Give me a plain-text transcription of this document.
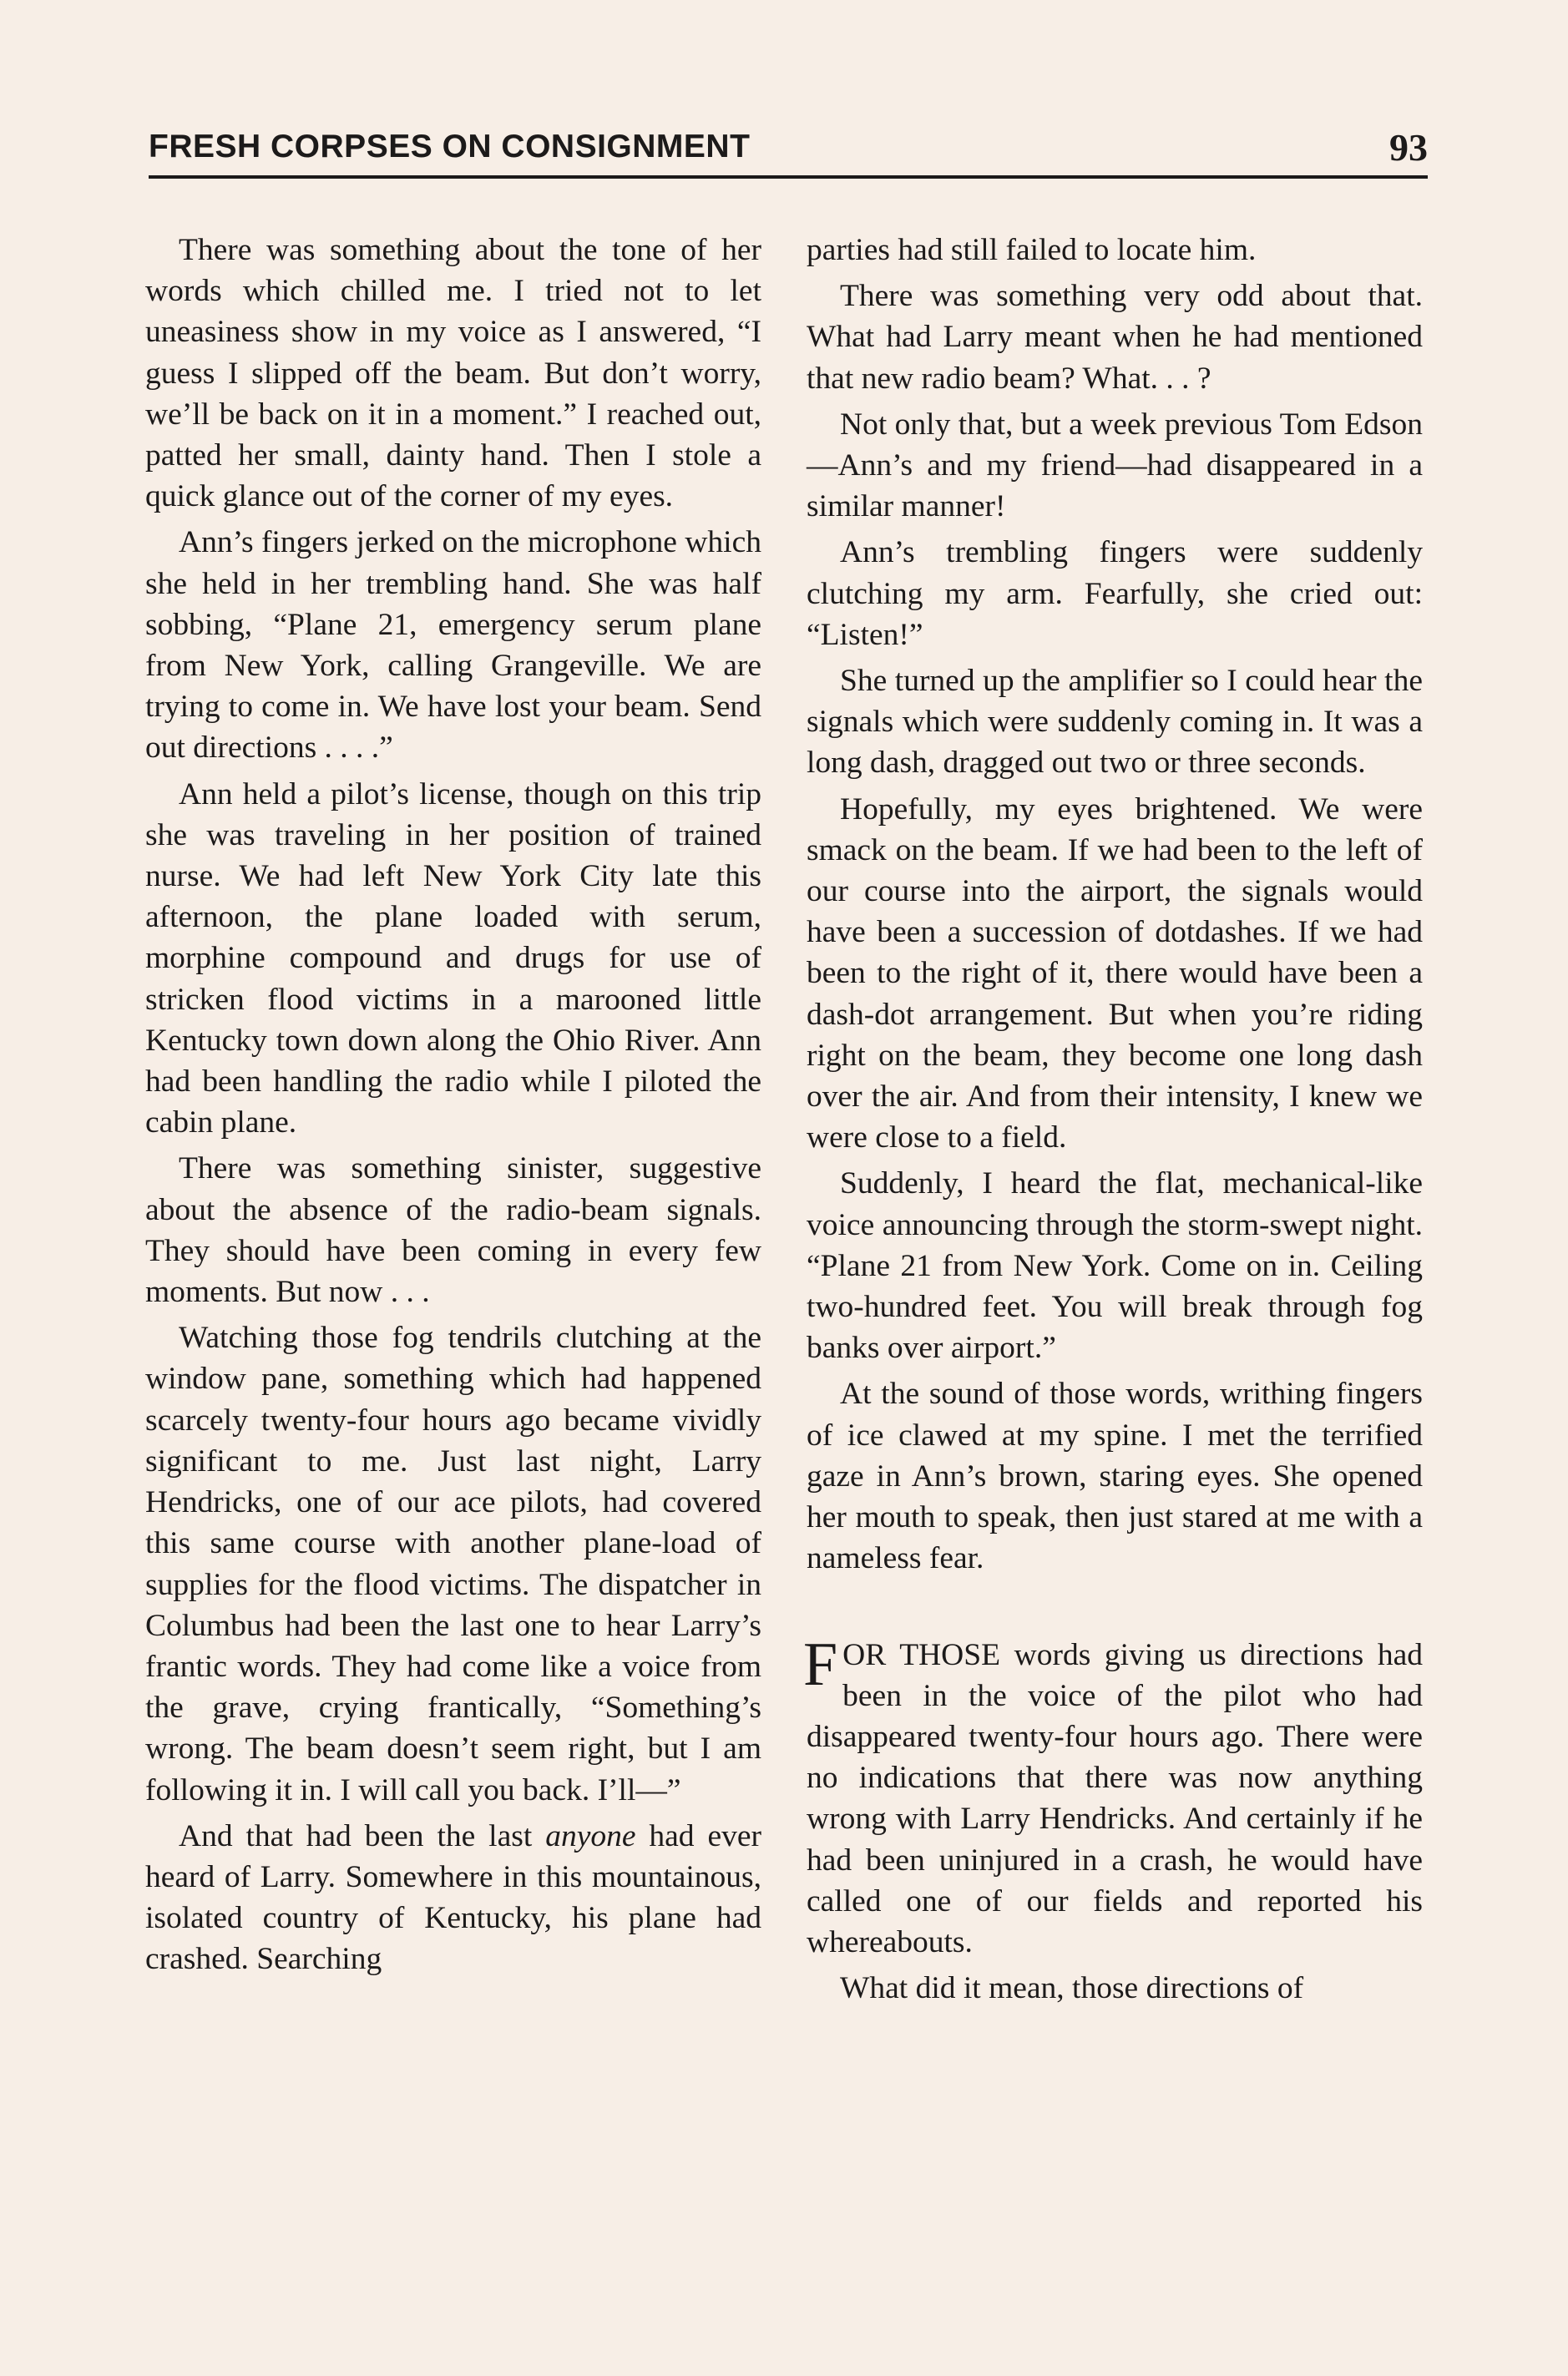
FRESH CORPSES ON CONSIGNMENT	93

There was something about the tone of her words which chilled me. I tried not to let uneasiness show in my voice as I answered, “I guess I slipped off the beam. But don’t worry, we’ll be back on it in a moment.” I reached out, patted her small, dainty hand. Then I stole a quick glance out of the corner of my eyes.

Ann’s fingers jerked on the microphone which she held in her trembling hand. She was half sobbing, “Plane 21, emergency serum plane from New York, calling Grangeville. We are trying to come in. We have lost your beam. Send out directions . . . .”

Ann held a pilot’s license, though on this trip she was traveling in her position of trained nurse. We had left New York City late this afternoon, the plane loaded with serum, morphine compound and drugs for use of stricken flood victims in a marooned little Kentucky town down along the Ohio River. Ann had been handling the radio while I piloted the cabin plane.

There was something sinister, suggestive about the absence of the radio-beam signals. They should have been coming in every few moments. But now . . .

Watching those fog tendrils clutching at the window pane, something which had happened scarcely twenty-four hours ago became vividly significant to me. Just last night, Larry Hendricks, one of our ace pilots, had covered this same course with another plane-load of supplies for the flood victims. The dispatcher in Columbus had been the last one to hear Larry’s frantic words. They had come like a voice from the grave, crying frantically, “Something’s wrong. The beam doesn’t seem right, but I am following it in. I will call you back. I’ll—”

And that had been the last anyone had ever heard of Larry. Somewhere in this mountainous, isolated country of Kentucky, his plane had crashed. Searching

parties had still failed to locate him.

There was something very odd about that. What had Larry meant when he had mentioned that new radio beam? What. . . ?

Not only that, but a week previous Tom Edson—Ann’s and my friend—had disappeared in a similar manner!

Ann’s trembling fingers were suddenly clutching my arm. Fearfully, she cried out: “Listen!”

She turned up the amplifier so I could hear the signals which were suddenly coming in. It was a long dash, dragged out two or three seconds.

Hopefully, my eyes brightened. We were smack on the beam. If we had been to the left of our course into the airport, the signals would have been a succession of dotdashes. If we had been to the right of it, there would have been a dash-dot arrangement. But when you’re riding right on the beam, they become one long dash over the air. And from their intensity, I knew we were close to a field.

Suddenly, I heard the flat, mechanical-like voice announcing through the storm-swept night. “Plane 21 from New York. Come on in. Ceiling two-hundred feet. You will break through fog banks over airport.”

At the sound of those words, writhing fingers of ice clawed at my spine. I met the terrified gaze in Ann’s brown, staring eyes. She opened her mouth to speak, then just stared at me with a nameless fear.

FOR THOSE words giving us directions had been in the voice of the pilot who had disappeared twenty-four hours ago. There were no indications that there was now anything wrong with Larry Hendricks. And certainly if he had been uninjured in a crash, he would have called one of our fields and reported his whereabouts.

What did it mean, those directions of
